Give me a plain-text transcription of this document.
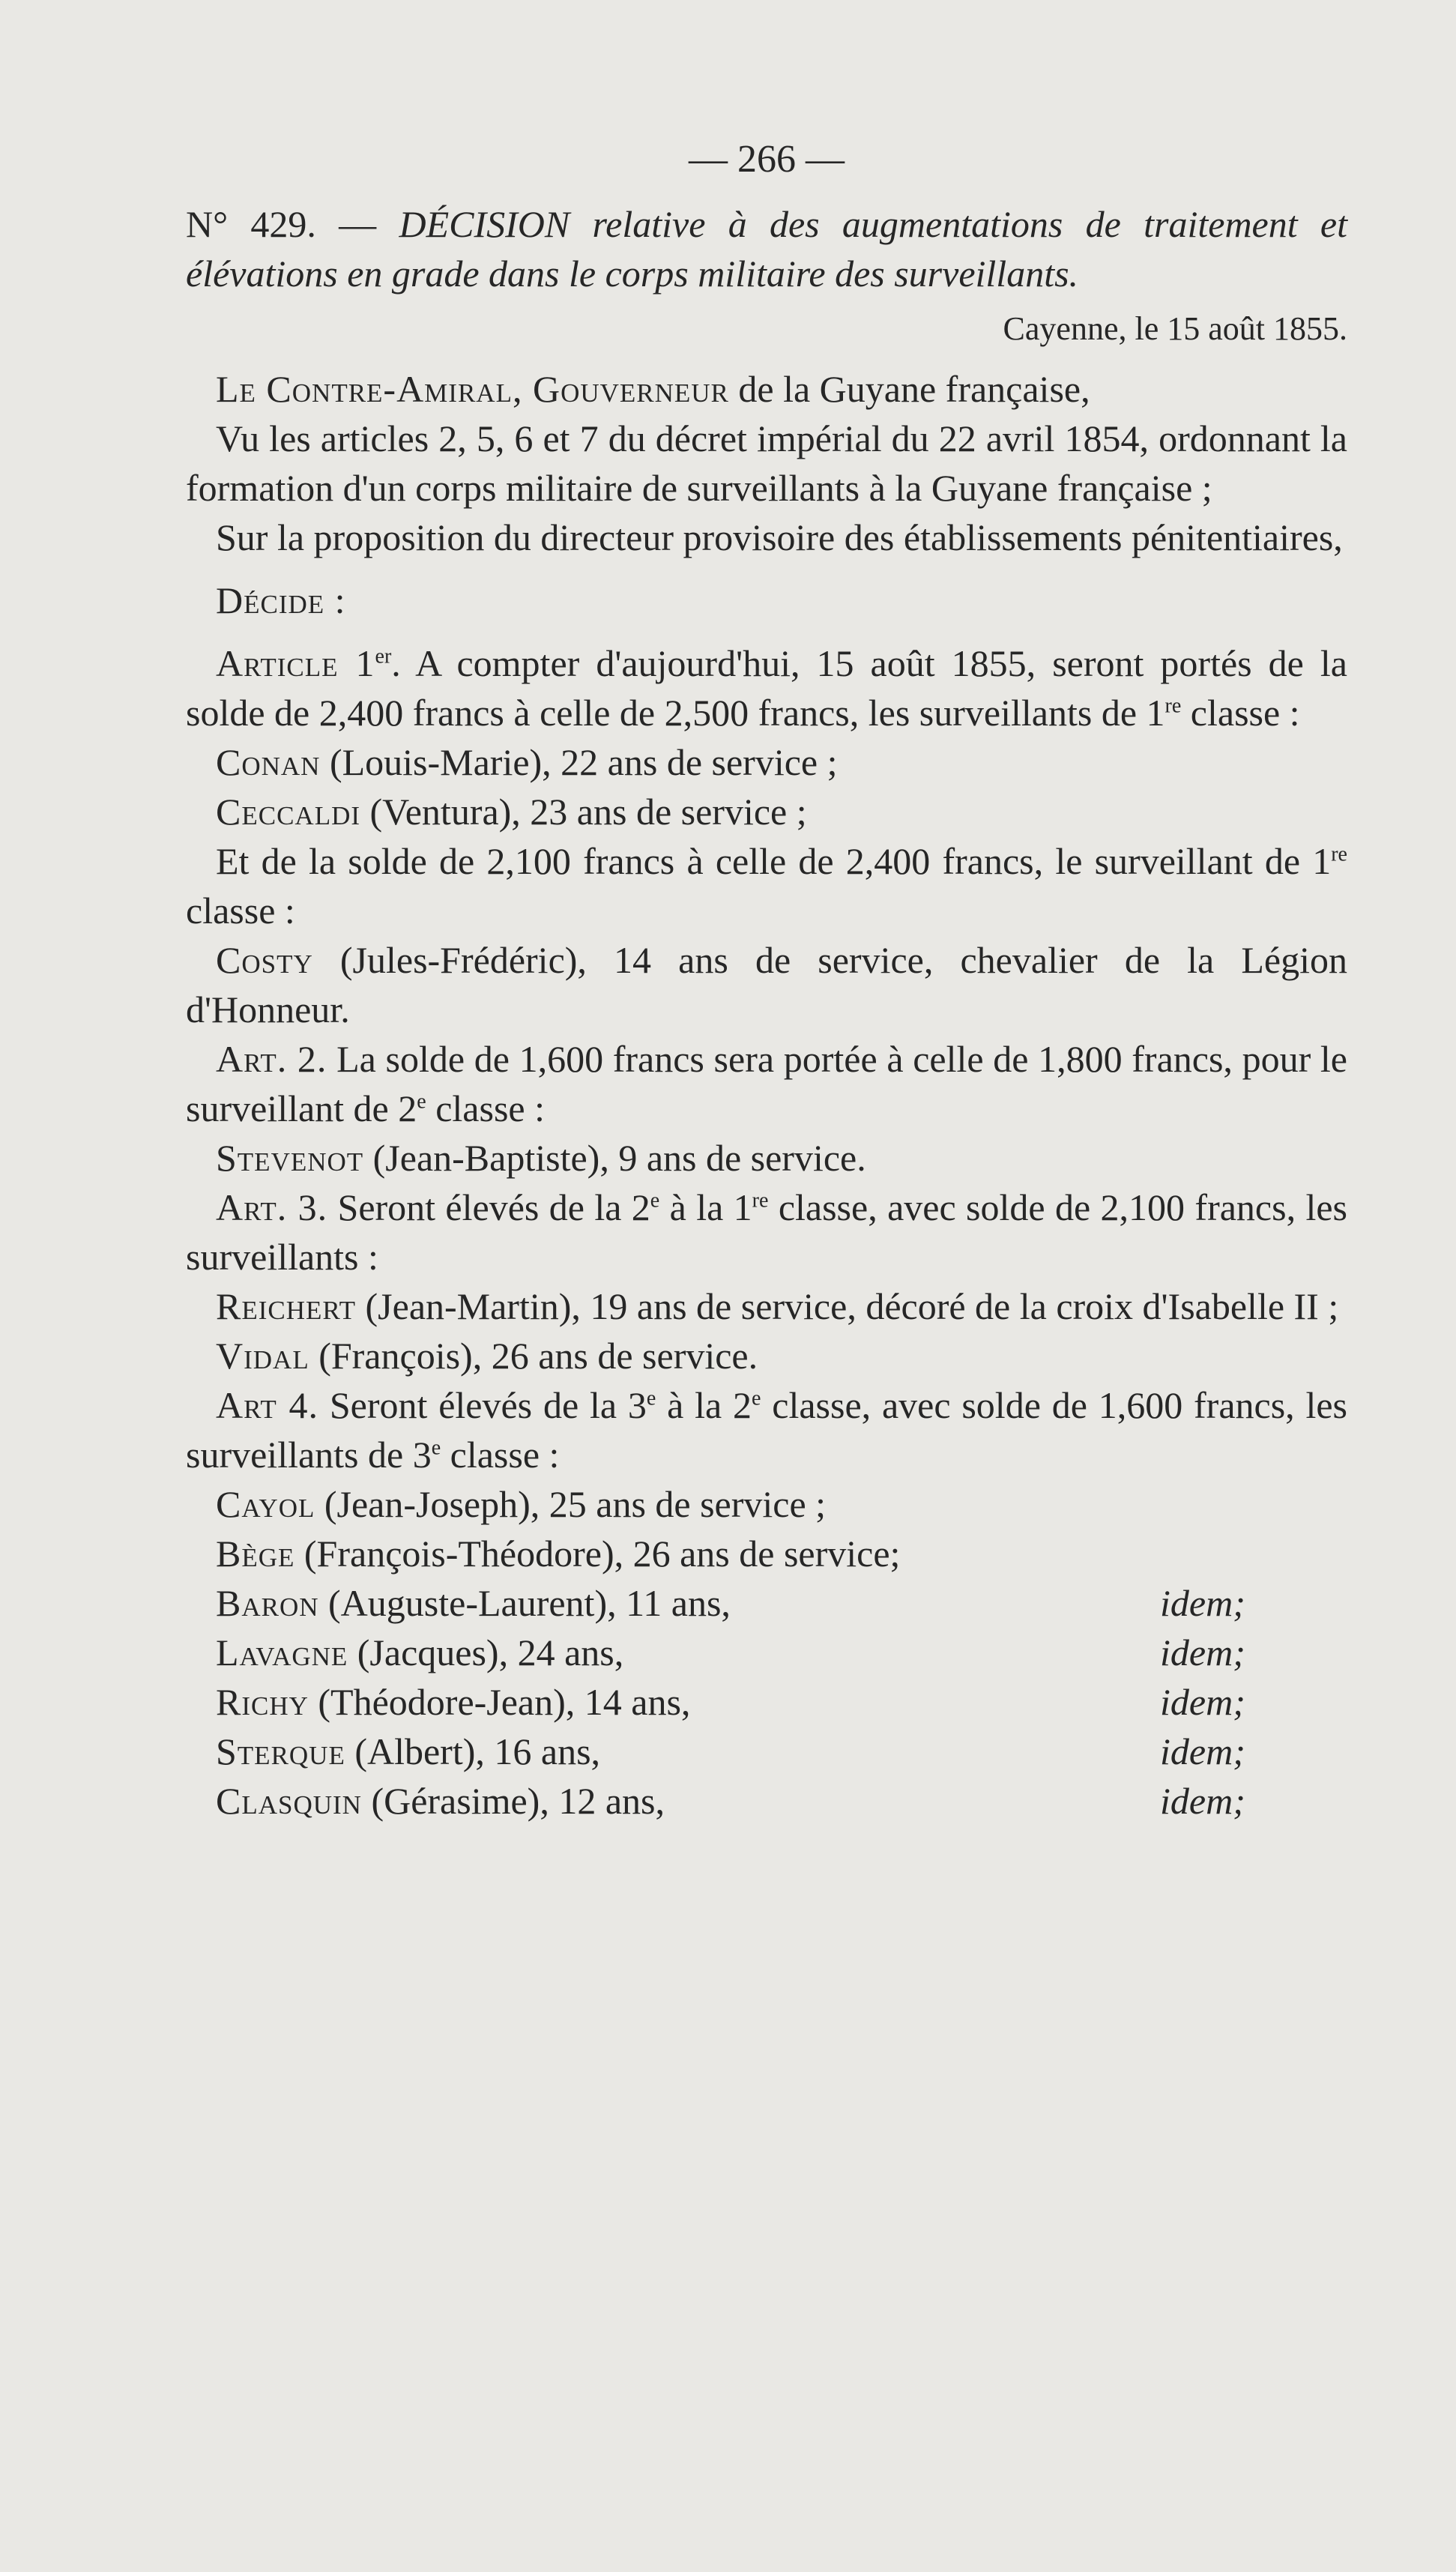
— 266 —

N° 429. — DÉCISION relative à des augmentations de traitement et élévations en grade dans le corps militaire des surveillants.

Cayenne, le 15 août 1855.

Le Contre-Amiral, Gouverneur de la Guyane française,

Vu les articles 2, 5, 6 et 7 du décret impérial du 22 avril 1854, ordonnant la formation d'un corps militaire de surveillants à la Guyane française ;

Sur la proposition du directeur provisoire des établissements pénitentiaires,

Décide :

Article 1er. A compter d'aujourd'hui, 15 août 1855, seront portés de la solde de 2,400 francs à celle de 2,500 francs, les surveillants de 1re classe :

Conan (Louis-Marie), 22 ans de service ;

Ceccaldi (Ventura), 23 ans de service ;

Et de la solde de 2,100 francs à celle de 2,400 francs, le surveillant de 1re classe :

Costy (Jules-Frédéric), 14 ans de service, chevalier de la Légion d'Honneur.

Art. 2. La solde de 1,600 francs sera portée à celle de 1,800 francs, pour le surveillant de 2e classe :

Stevenot (Jean-Baptiste), 9 ans de service.

Art. 3. Seront élevés de la 2e à la 1re classe, avec solde de 2,100 francs, les surveillants :

Reichert (Jean-Martin), 19 ans de service, décoré de la croix d'Isabelle II ;

Vidal (François), 26 ans de service.

Art 4. Seront élevés de la 3e à la 2e classe, avec solde de 1,600 francs, les surveillants de 3e classe :

Cayol (Jean-Joseph), 25 ans de service ;

Bège (François-Théodore), 26 ans de service;
Baron (Auguste-Laurent), 11 ans,	idem;
Lavagne (Jacques), 24 ans,	idem;
Richy (Théodore-Jean), 14 ans,	idem;
Sterque (Albert), 16 ans,	idem;
Clasquin (Gérasime), 12 ans,	idem;
